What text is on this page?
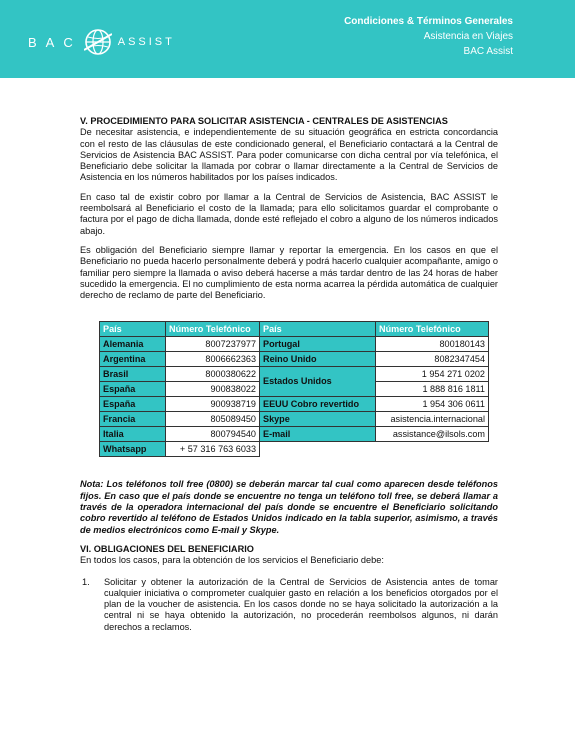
BAC	ASSIST
Condiciones & Términos Generales
Asistencia en Viajes
BAC Assist
V. PROCEDIMIENTO PARA SOLICITAR ASISTENCIA - CENTRALES DE ASISTENCIAS

De necesitar asistencia, e independientemente de su situación geográfica en estricta concordancia con el resto de las cláusulas de este condicionado general, el Beneficiario contactará a la Central de Servicios de Asistencia BAC ASSIST. Para poder comunicarse con dicha central por vía telefónica, el Beneficiario debe solicitar la llamada por cobrar o llamar directamente a la Central de Servicios de Asistencia en los números habilitados por los países indicados.

En caso tal de existir cobro por llamar a la Central de Servicios de Asistencia, BAC ASSIST le reembolsará al Beneficiario el costo de la llamada; para ello solicitamos guardar el comprobante o factura por el pago de dicha llamada, donde esté reflejado el cobro a alguno de los números indicados abajo.

Es obligación del Beneficiario siempre llamar y reportar la emergencia. En los casos en que el Beneficiario no pueda hacerlo personalmente deberá y podrá hacerlo cualquier acompañante, amigo o familiar pero siempre la llamada o aviso deberá hacerse a más tardar dentro de las 24 horas de haber sucedido la emergencia. El no cumplimiento de esta norma acarrea la pérdida automática de cualquier derecho de reclamo de parte del Beneficiario.

País	Número Telefónico	País	Número Telefónico
Alemania	8007237977	Portugal	800180143
Argentina	8006662363	Reino Unido	8082347454
Brasil	8000380622	Estados Unidos	1 954 271 0202
España	900838022		1 888 816 1811
España	900938719	EEUU Cobro revertido	1 954 306 0611
Francia	805089450	Skype	asistencia.internacional
Italia	800794540	E-mail	assistance@ilsols.com
Whatsapp	+ 57 316 763 6033		

Nota: Los teléfonos toll free (0800) se deberán marcar tal cual como aparecen desde teléfonos fijos. En caso que el país donde se encuentre no tenga un teléfono toll free, se deberá llamar a través de la operadora internacional del país donde se encuentre el Beneficiario solicitando cobro revertido al teléfono de Estados Unidos indicado en la tabla superior, asimismo, a través de medios electrónicos como E-mail y Skype.

VI. OBLIGACIONES DEL BENEFICIARIO

En todos los casos, para la obtención de los servicios el Beneficiario debe:

1.	Solicitar y obtener la autorización de la Central de Servicios de Asistencia antes de tomar cualquier iniciativa o comprometer cualquier gasto en relación a los beneficios otorgados por el plan de la voucher de asistencia. En los casos donde no se haya solicitado la autorización a la central ni se haya obtenido la autorización, no procederán reembolsos algunos, ni darán derechos a reclamos.
